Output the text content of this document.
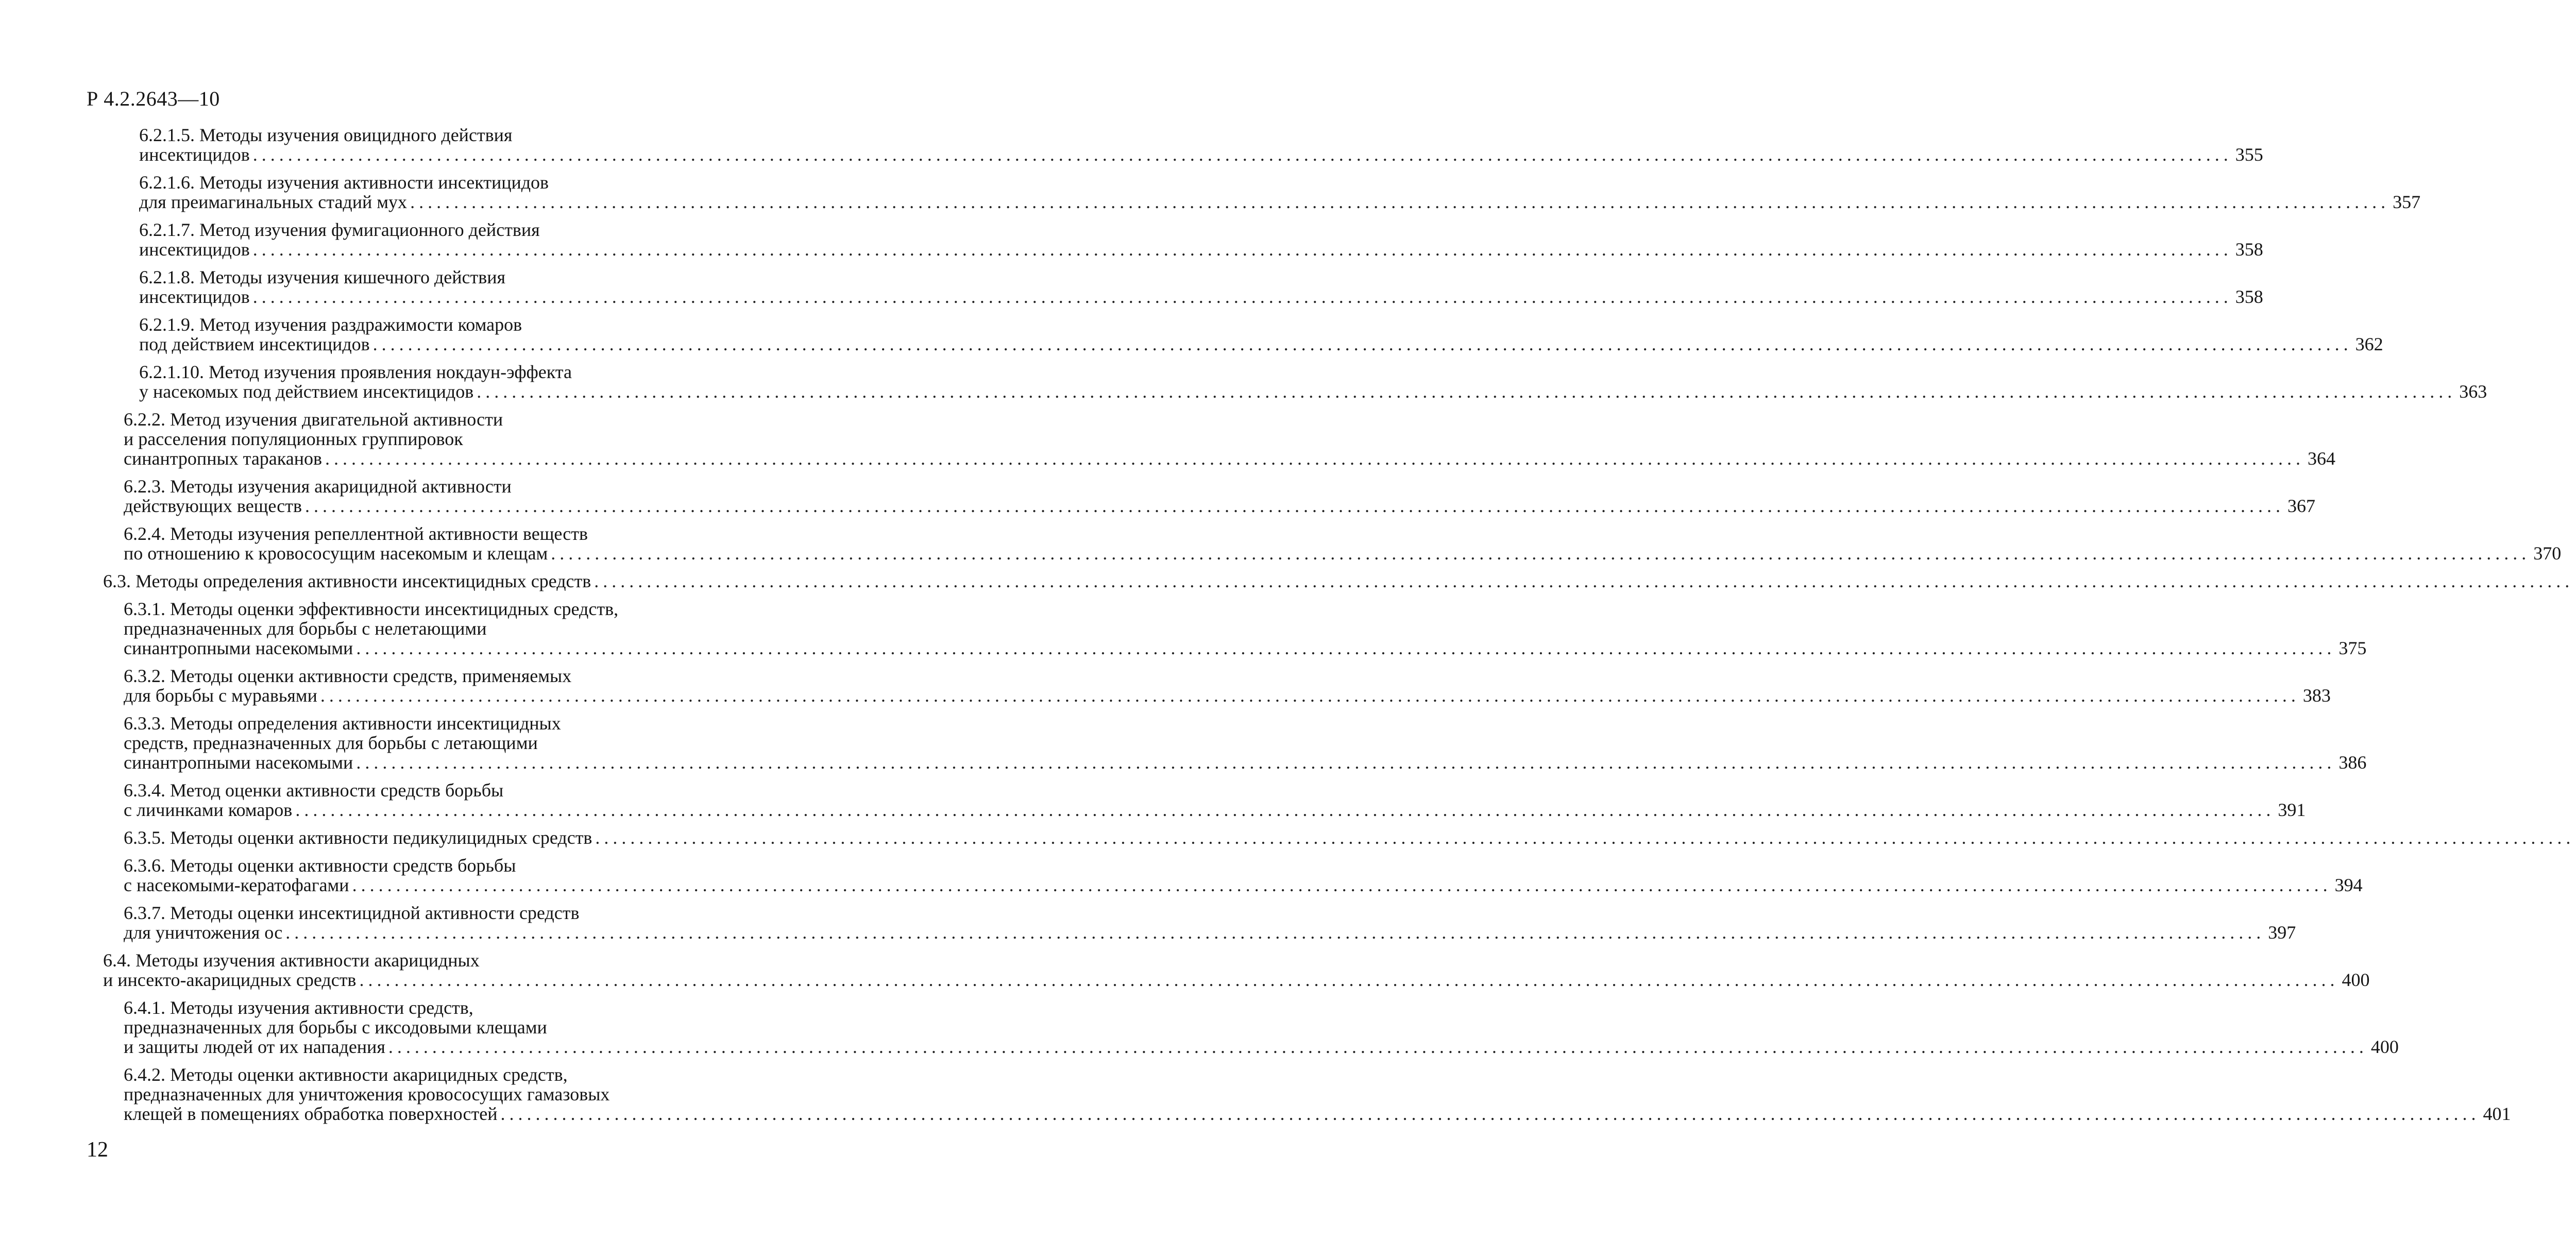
Р 4.2.2643—10
6.2.1.5. Методы изучения овицидного действия
инсектицидов .................................................................................................................................................................................................................................. 355
6.2.1.6. Методы изучения активности инсектицидов
для преимагинальных стадий мух .................................................................................................................................................................................................................................. 357
6.2.1.7. Метод изучения фумигационного действия
инсектицидов .................................................................................................................................................................................................................................. 358
6.2.1.8. Методы изучения кишечного действия
инсектицидов .................................................................................................................................................................................................................................. 358
6.2.1.9. Метод изучения раздражимости комаров
под действием инсектицидов .................................................................................................................................................................................................................................. 362
6.2.1.10. Метод изучения проявления нокдаун-эффекта
у насекомых под действием инсектицидов .................................................................................................................................................................................................................................. 363
6.2.2. Метод изучения двигательной активности
и расселения популяционных группировок
синантропных тараканов .................................................................................................................................................................................................................................. 364
6.2.3. Методы изучения акарицидной активности
действующих веществ .................................................................................................................................................................................................................................. 367
6.2.4. Методы изучения репеллентной активности веществ
по отношению к кровососущим насекомым и клещам .................................................................................................................................................................................................................................. 370
6.3. Методы определения активности инсектицидных средств ..................................................................................................................................................................................................................................
6.3.1. Методы оценки эффективности инсектицидных средств,
предназначенных для борьбы с нелетающими
синантропными насекомыми .................................................................................................................................................................................................................................. 375
6.3.2. Методы оценки активности средств, применяемых
для борьбы с муравьями .................................................................................................................................................................................................................................. 383
6.3.3. Методы определения активности инсектицидных
средств, предназначенных для борьбы с летающими
синантропными насекомыми .................................................................................................................................................................................................................................. 386
6.3.4. Метод оценки активности средств борьбы
с личинками комаров .................................................................................................................................................................................................................................. 391
6.3.5. Методы оценки активности педикулицидных средств ..................................................................................................................................................................................................................................
6.3.6. Методы оценки активности средств борьбы
с насекомыми-кератофагами .................................................................................................................................................................................................................................. 394
6.3.7. Методы оценки инсектицидной активности средств
для уничтожения ос .................................................................................................................................................................................................................................. 397
6.4. Методы изучения активности акарицидных
и инсекто-акарицидных средств .................................................................................................................................................................................................................................. 400
6.4.1. Методы изучения активности средств,
предназначенных для борьбы с иксодовыми клещами
и защиты людей от их нападения .................................................................................................................................................................................................................................. 400
6.4.2. Методы оценки активности акарицидных средств,
предназначенных для уничтожения кровососущих гамазовых
клещей в помещениях обработка поверхностей .................................................................................................................................................................................................................................. 401
12
